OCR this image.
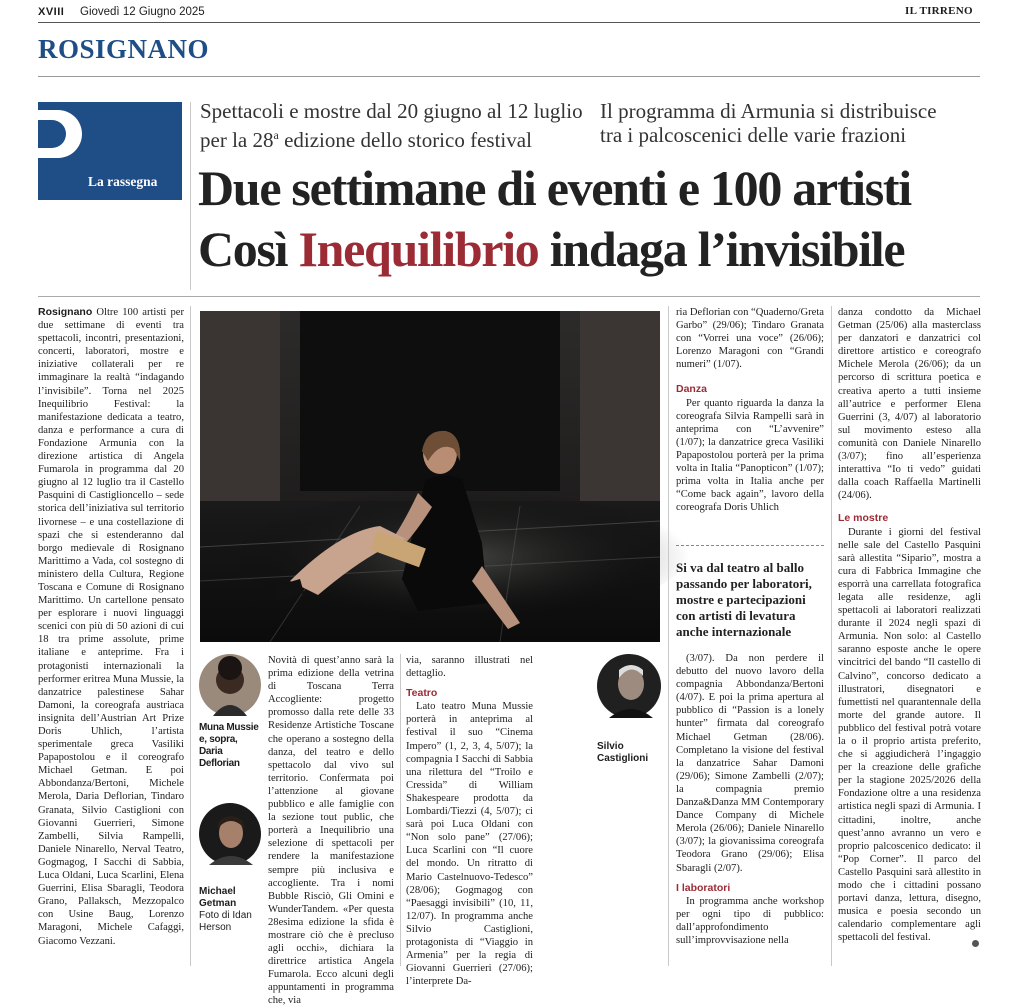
XVIII Giovedì 12 Giugno 2025	IL TIRRENO
ROSIGNANO
La rassegna
Spettacoli e mostre dal 20 giugno al 12 luglio
per la 28$^a$ edizione dello storico festival
Il programma di Armunia si distribuisce
tra i palcoscenici delle varie frazioni
Due settimane di eventi e 100 artisti
Così Inequilibrio indaga l’invisibile

Rosignano Oltre 100 artisti per due settimane di eventi tra spettacoli, incontri, presentazioni, concerti, laboratori, mostre e iniziative collaterali per re immaginare la realtà “indagando l’invisibile”. Torna nel 2025 Inequilibrio Festival: la manifestazione dedicata a teatro, danza e performance a cura di Fondazione Armunia con la direzione artistica di Angela Fumarola in programma dal 20 giugno al 12 luglio tra il Castello Pasquini di Castiglioncello – sede storica dell’iniziativa sul territorio livornese – e una costellazione di spazi che si estenderanno dal borgo medievale di Rosignano Marittimo a Vada, col sostegno di ministero della Cultura, Regione Toscana e Comune di Rosignano Marittimo. Un cartellone pensato per esplorare i nuovi linguaggi scenici con più di 50 azioni di cui 18 tra prime assolute, prime italiane e anteprime. Fra i protagonisti internazionali la performer eritrea Muna Mussie, la danzatrice palestinese Sahar Damoni, la coreografa austriaca insignita dell’Austrian Art Prize Doris Uhlich, l’artista sperimentale greca Vasiliki Papapostolou e il coreografo Michael Getman. E poi Abbondanza/Bertoni, Michele Merola, Daria Deflorian, Tindaro Granata, Silvio Castiglioni con Giovanni Guerrieri, Simone Zambelli, Silvia Rampelli, Daniele Ninarello, Nerval Teatro, Gogmagog, I Sacchi di Sabbia, Luca Oldani, Luca Scarlini, Elena Guerrini, Elisa Sbaragli, Teodora Grano, Pallaksch, Mezzopalco con Usine Baug, Lorenzo Maragoni, Michele Cafaggi, Giacomo Vezzani.

Muna Mussie e, sopra, Daria Deflorian
Michael Getman
Foto di Idan Herson

Novità di quest’anno sarà la prima edizione della vetrina di Toscana Terra Accogliente: progetto promosso dalla rete delle 33 Residenze Artistiche Toscane che operano a sostegno della danza, del teatro e dello spettacolo dal vivo sul territorio. Confermata poi l’attenzione al giovane pubblico e alle famiglie con la sezione tout public, che porterà a Inequilibrio una selezione di spettacoli per rendere la manifestazione sempre più inclusiva e accogliente. Tra i nomi Bubble Risciò, Gli Omini e WunderTandem. «Per questa 28esima edizione la sfida è mostrare ciò che è precluso agli occhi», dichiara la direttrice artistica Angela Fumarola. Ecco alcuni degli appuntamenti in programma che, via

via, saranno illustrati nel dettaglio.

Teatro

Lato teatro Muna Mussie porterà in anteprima al festival il suo “Cinema Impero” (1, 2, 3, 4, 5/07); la compagnia I Sacchi di Sabbia una rilettura del “Troilo e Cressida” di William Shakespeare prodotta da Lombardi/Tiezzi (4, 5/07); ci sarà poi Luca Oldani con “Non solo pane” (27/06); Luca Scarlini con “Il cuore del mondo. Un ritratto di Mario Castelnuovo-Tedesco” (28/06); Gogmagog con “Paesaggi invisibili” (10, 11, 12/07). In programma anche Silvio Castiglioni, protagonista di “Viaggio in Armenia” per la regia di Giovanni Guerrieri (27/06); l’interprete Da-

Silvio Castiglioni

ria Deflorian con “Quaderno/Greta Garbo” (29/06); Tindaro Granata con “Vorrei una voce” (26/06); Lorenzo Maragoni con “Grandi numeri” (1/07).

Danza

Per quanto riguarda la danza la coreografa Silvia Rampelli sarà in anteprima con “L’avvenire” (1/07); la danzatrice greca Vasiliki Papapostolou porterà per la prima volta in Italia “Panopticon” (1/07); prima volta in Italia anche per “Come back again”, lavoro della coreografa Doris Uhlich

Si va dal teatro al ballo passando per laboratori, mostre e partecipazioni con artisti di levatura anche internazionale

(3/07). Da non perdere il debutto del nuovo lavoro della compagnia Abbondanza/Bertoni (4/07). E poi la prima apertura al pubblico di “Passion is a lonely hunter” firmata dal coreografo Michael Getman (28/06). Completano la visione del festival la danzatrice Sahar Damoni (29/06); Simone Zambelli (2/07); la compagnia premio Danza&Danza MM Contemporary Dance Company di Michele Merola (26/06); Daniele Ninarello (3/07); la giovanissima coreografa Teodora Grano (29/06); Elisa Sbaragli (2/07).

I laboratori

In programma anche workshop per ogni tipo di pubblico: dall’approfondimento sull’improvvisazione nella

danza condotto da Michael Getman (25/06) alla masterclass per danzatori e danzatrici col direttore artistico e coreografo Michele Merola (26/06); da un percorso di scrittura poetica e creativa aperto a tutti insieme all’autrice e performer Elena Guerrini (3, 4/07) al laboratorio sul movimento esteso alla comunità con Daniele Ninarello (3/07); fino all’esperienza interattiva “Io ti vedo” guidati dalla coach Raffaella Martinelli (24/06).

Le mostre

Durante i giorni del festival nelle sale del Castello Pasquini sarà allestita “Sipario”, mostra a cura di Fabbrica Immagine che esporrà una carrellata fotografica legata alle residenze, agli spettacoli ai laboratori realizzati durante il 2024 negli spazi di Armunia. Non solo: al Castello saranno esposte anche le opere vincitrici del bando “Il castello di Calvino”, concorso dedicato a illustratori, disegnatori e fumettisti nel quarantennale della morte del grande autore. Il pubblico del festival potrà votare la o il proprio artista preferito, che si aggiudicherà l’ingaggio per la creazione delle grafiche per la stagione 2025/2026 della Fondazione oltre a una residenza artistica negli spazi di Armunia. I cittadini, inoltre, anche quest’anno avranno un vero e proprio palcoscenico dedicato: il “Pop Corner”. Il parco del Castello Pasquini sarà allestito in modo che i cittadini possano portavi danza, lettura, disegno, musica e poesia secondo un calendario complementare agli spettacoli del festival.
